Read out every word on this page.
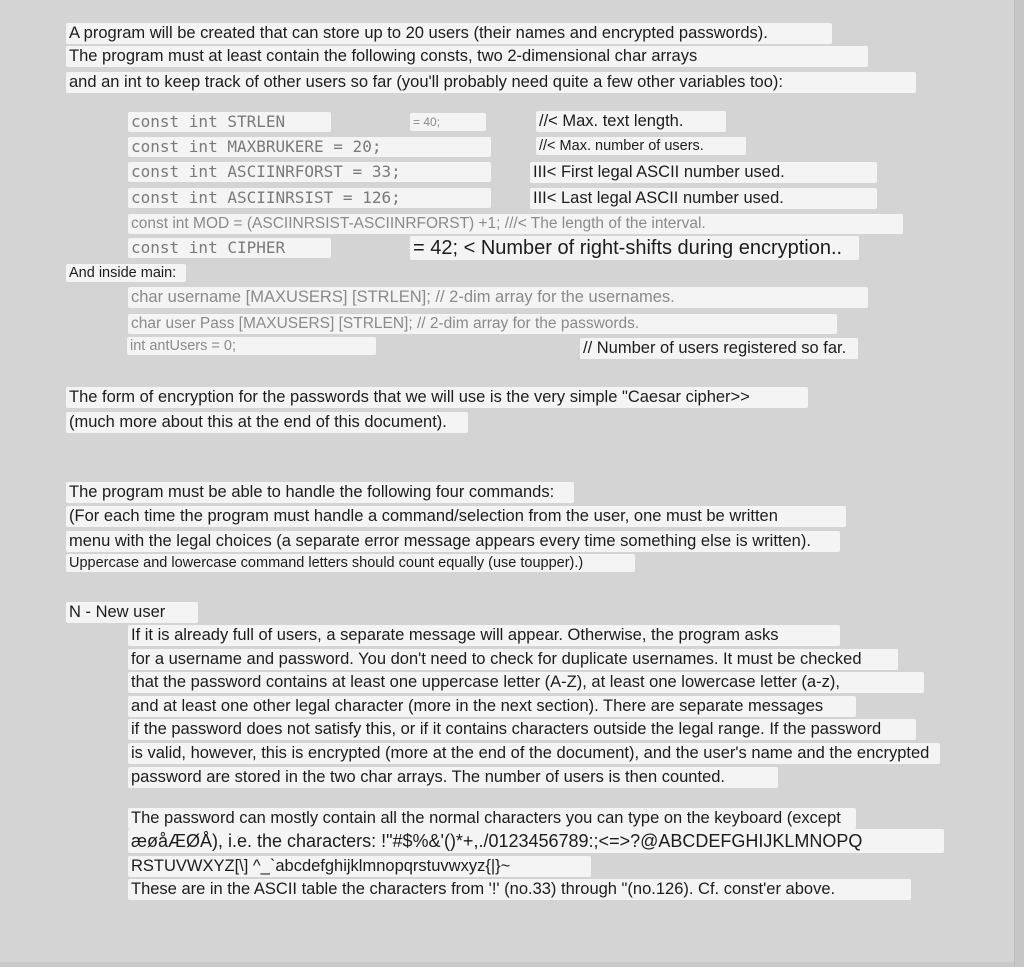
A program will be created that can store up to 20 users (their names and encrypted passwords).
The program must at least contain the following consts, two 2-dimensional char arrays
and an int to keep track of other users so far (you'll probably need quite a few other variables too):
const int STRLEN	= 40;	//< Max. text length.
const int MAXBRUKERE = 20;	//< Max. number of users.
const int ASCIINRFORST = 33;	III< First legal ASCII number used.
const int ASCIINRSIST = 126;	III< Last legal ASCII number used.
const int MOD = (ASCIINRSIST-ASCIINRFORST) +1; ///< The length of the interval.
const int CIPHER	= 42; < Number of right-shifts during encryption..
And inside main:
char username [MAXUSERS] [STRLEN]; // 2-dim array for the usernames.
char user Pass [MAXUSERS] [STRLEN]; // 2-dim array for the passwords.
int antUsers = 0;	// Number of users registered so far.
The form of encryption for the passwords that we will use is the very simple "Caesar cipher>>
(much more about this at the end of this document).
The program must be able to handle the following four commands:
(For each time the program must handle a command/selection from the user, one must be written
menu with the legal choices (a separate error message appears every time something else is written).
Uppercase and lowercase command letters should count equally (use toupper).)
N - New user
If it is already full of users, a separate message will appear. Otherwise, the program asks
for a username and password. You don't need to check for duplicate usernames. It must be checked
that the password contains at least one uppercase letter (A-Z), at least one lowercase letter (a-z),
and at least one other legal character (more in the next section). There are separate messages
if the password does not satisfy this, or if it contains characters outside the legal range. If the password
is valid, however, this is encrypted (more at the end of the document), and the user's name and the encrypted
password are stored in the two char arrays. The number of users is then counted.
The password can mostly contain all the normal characters you can type on the keyboard (except
æøåÆØÅ), i.e. the characters: !"#$%&'()*+,./0123456789:;<=>?@ABCDEFGHIJKLMNOPQ
RSTUVWXYZ[\] ^_`abcdefghijklmnopqrstuvwxyz{|}~
These are in the ASCII table the characters from '!' (no.33) through "(no.126). Cf. const'er above.
